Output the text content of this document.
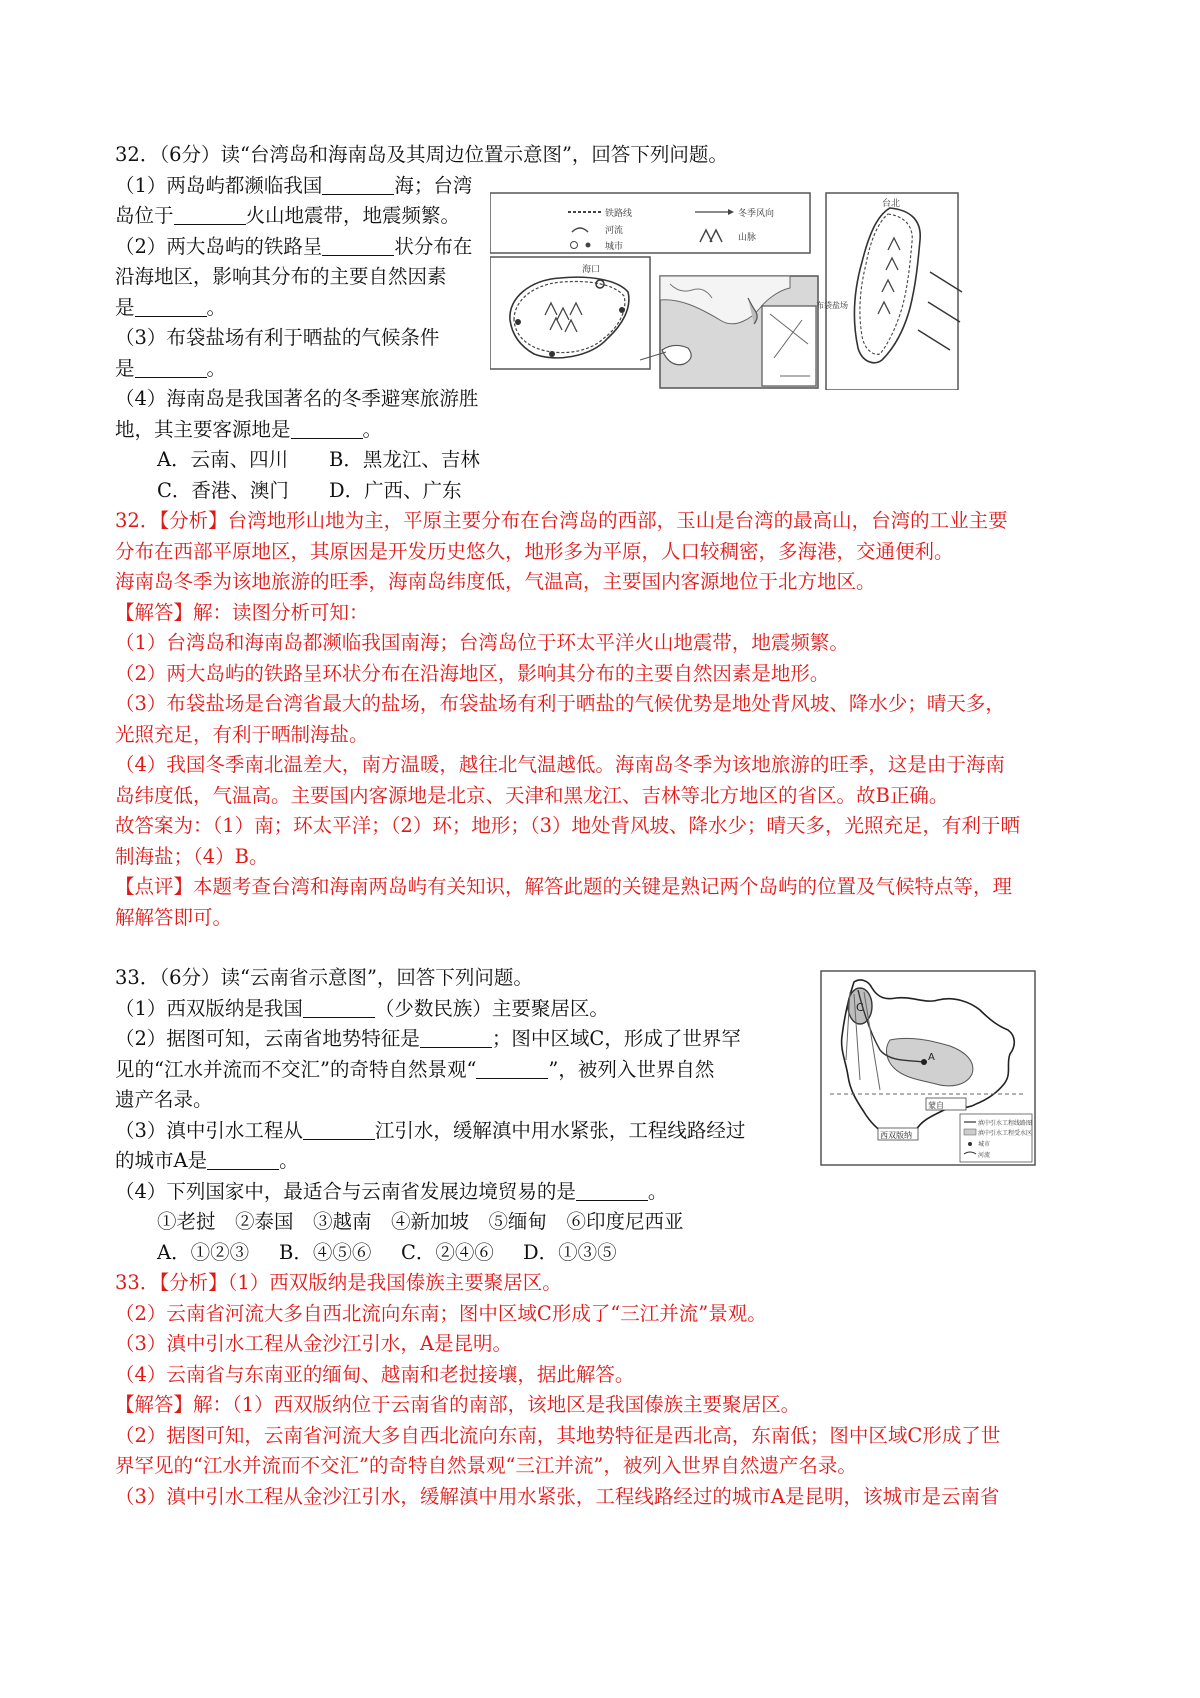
32．（6分）读“台湾岛和海南岛及其周边位置示意图”，回答下列问题。
（1）两岛屿都濒临我国	海；台湾
岛位于	火山地震带，地震频繁。
（2）两大岛屿的铁路呈	状分布在
沿海地区，影响其分布的主要自然因素
是	。
（3）布袋盐场有利于晒盐的气候条件
是	。
（4）海南岛是我国著名的冬季避寒旅游胜
地，其主要客源地是	。
A．云南、四川 B．黑龙江、吉林
C．香港、澳门 D．广西、广东
32．【分析】台湾地形山地为主，平原主要分布在台湾岛的西部，玉山是台湾的最高山，台湾的工业主要
分布在西部平原地区，其原因是开发历史悠久，地形多为平原，人口较稠密，多海港，交通便利。
海南岛冬季为该地旅游的旺季，海南岛纬度低，气温高，主要国内客源地位于北方地区。
【解答】解：读图分析可知：
（1）台湾岛和海南岛都濒临我国南海；台湾岛位于环太平洋火山地震带，地震频繁。
（2）两大岛屿的铁路呈环状分布在沿海地区，影响其分布的主要自然因素是地形。
（3）布袋盐场是台湾省最大的盐场，布袋盐场有利于晒盐的气候优势是地处背风坡、降水少；晴天多，
光照充足，有利于晒制海盐。
（4）我国冬季南北温差大，南方温暖，越往北气温越低。海南岛冬季为该地旅游的旺季，这是由于海南
岛纬度低，气温高。主要国内客源地是北京、天津和黑龙江、吉林等北方地区的省区。故B正确。
故答案为：（1）南；环太平洋；（2）环；地形；（3）地处背风坡、降水少；晴天多，光照充足，有利于晒
制海盐；（4）B。
【点评】本题考查台湾和海南两岛屿有关知识，解答此题的关键是熟记两个岛屿的位置及气候特点等，理
解解答即可。
33．（6分）读“云南省示意图”，回答下列问题。
（1）西双版纳是我国	（少数民族）主要聚居区。
（2）据图可知，云南省地势特征是	；图中区域C，形成了世界罕
见的“江水并流而不交汇”的奇特自然景观“	”，被列入世界自然
遗产名录。
（3）滇中引水工程从	江引水，缓解滇中用水紧张，工程线路经过
的城市A是	。
（4）下列国家中，最适合与云南省发展边境贸易的是	。
①老挝　②泰国　③越南　④新加坡　⑤缅甸　⑥印度尼西亚
A．①②③ B．④⑤⑥ C．②④⑥ D．①③⑤
33．【分析】（1）西双版纳是我国傣族主要聚居区。
（2）云南省河流大多自西北流向东南；图中区域C形成了“三江并流”景观。
（3）滇中引水工程从金沙江引水，A是昆明。
（4）云南省与东南亚的缅甸、越南和老挝接壤，据此解答。
【解答】解：（1）西双版纳位于云南省的南部，该地区是我国傣族主要聚居区。
（2）据图可知，云南省河流大多自西北流向东南，其地势特征是西北高，东南低；图中区域C形成了世
界罕见的“江水并流而不交汇”的奇特自然景观“三江并流”，被列入世界自然遗产名录。
（3）滇中引水工程从金沙江引水，缓解滇中用水紧张，工程线路经过的城市A是昆明，该城市是云南省
铁路线
河流
城市
冬季风向
山脉
海口
台北
布袋盐场
C
A
蒙自
西双版纳
滇中引水工程线路图
滇中引水工程受水区
城市
河流
